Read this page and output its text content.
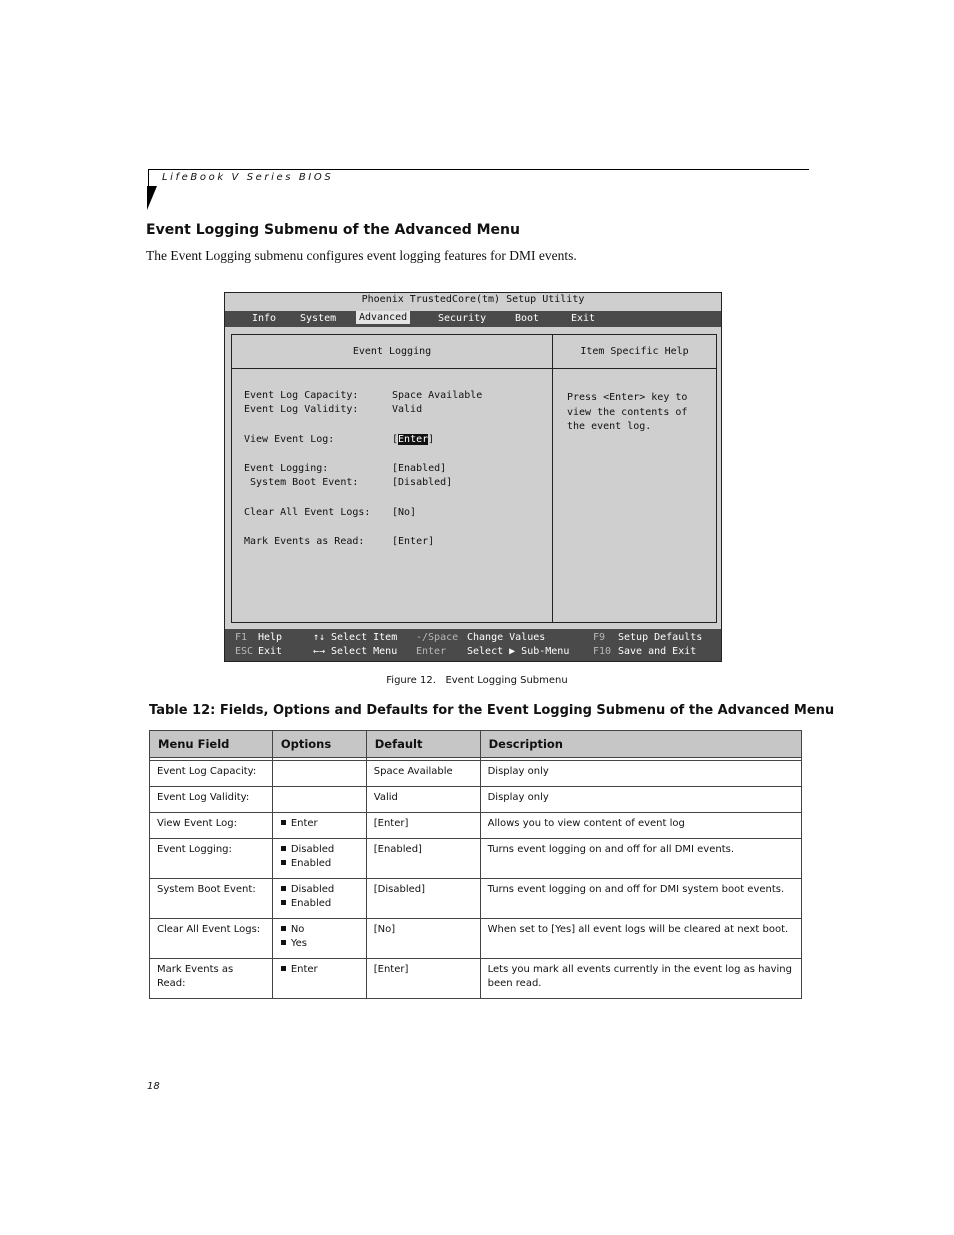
LifeBook V Series BIOS
Event Logging Submenu of the Advanced Menu
The Event Logging submenu configures event logging features for DMI events.
Phoenix TrustedCore(tm) Setup Utility
Info System	Advanced	Security	Boot	Exit
Event Logging	Item Specific Help
Event Log Capacity:	Space Available
Event Log Validity:	Valid
View Event Log:	[Enter]
Event Logging:	[Enabled]
System Boot Event:	[Disabled]
Clear All Event Logs: [No]
Mark Events as Read:	[Enter]
Press <Enter> key to
view the contents of
the event log.
F1 Help
ESC Exit
↑↓ Select Item
←→ Select Menu
-/Space Change Values
Enter Select ▶ Sub-Menu
F9 Setup Defaults
F10 Save and Exit
Figure 12. Event Logging Submenu
Table 12: Fields, Options and Defaults for the Event Logging Submenu of the Advanced Menu
Menu Field	Options	Default	Description

Event Log Capacity:		Space Available	Display only
Event Log Validity:		Valid	Display only
View Event Log:	Enter	[Enter]	Allows you to view content of event log
Event Logging:	Disabled
Enabled	[Enabled]	Turns event logging on and off for all DMI events.
System Boot Event:	Disabled
Enabled	[Disabled]	Turns event logging on and off for DMI system boot events.
Clear All Event Logs:	No
Yes	[No]	When set to [Yes] all event logs will be cleared at next boot.
Mark Events as Read:	Enter	[Enter]	Lets you mark all events currently in the event log as having been read.
18
